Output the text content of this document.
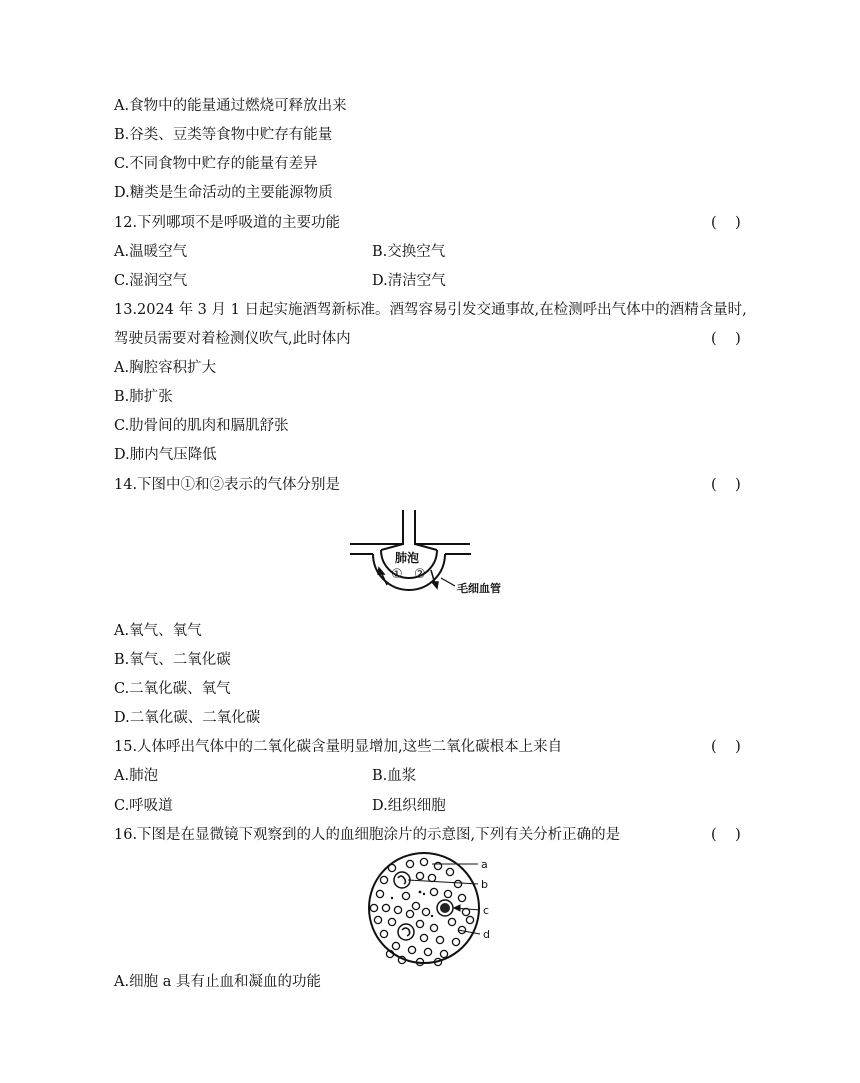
A.食物中的能量通过燃烧可释放出来
B.谷类、豆类等食物中贮存有能量
C.不同食物中贮存的能量有差异
D.糖类是生命活动的主要能源物质
12.下列哪项不是呼吸道的主要功能	(    )
A.温暖空气	B.交换空气
C.湿润空气	D.清洁空气
13.2024 年 3 月 1 日起实施酒驾新标准。酒驾容易引发交通事故,在检测呼出气体中的酒精含量时,
驾驶员需要对着检测仪吹气,此时体内	(    )
A.胸腔容积扩大
B.肺扩张
C.肋骨间的肌肉和膈肌舒张
D.肺内气压降低
14.下图中①和②表示的气体分别是	(    )
肺泡
① ②
毛细血管
A.氧气、氧气
B.氧气、二氧化碳
C.二氧化碳、氧气
D.二氧化碳、二氧化碳
15.人体呼出气体中的二氧化碳含量明显增加,这些二氧化碳根本上来自	(    )
A.肺泡	B.血浆
C.呼吸道	D.组织细胞
16.下图是在显微镜下观察到的人的血细胞涂片的示意图,下列有关分析正确的是	(    )
a
b
c
d
A.细胞 a 具有止血和凝血的功能
